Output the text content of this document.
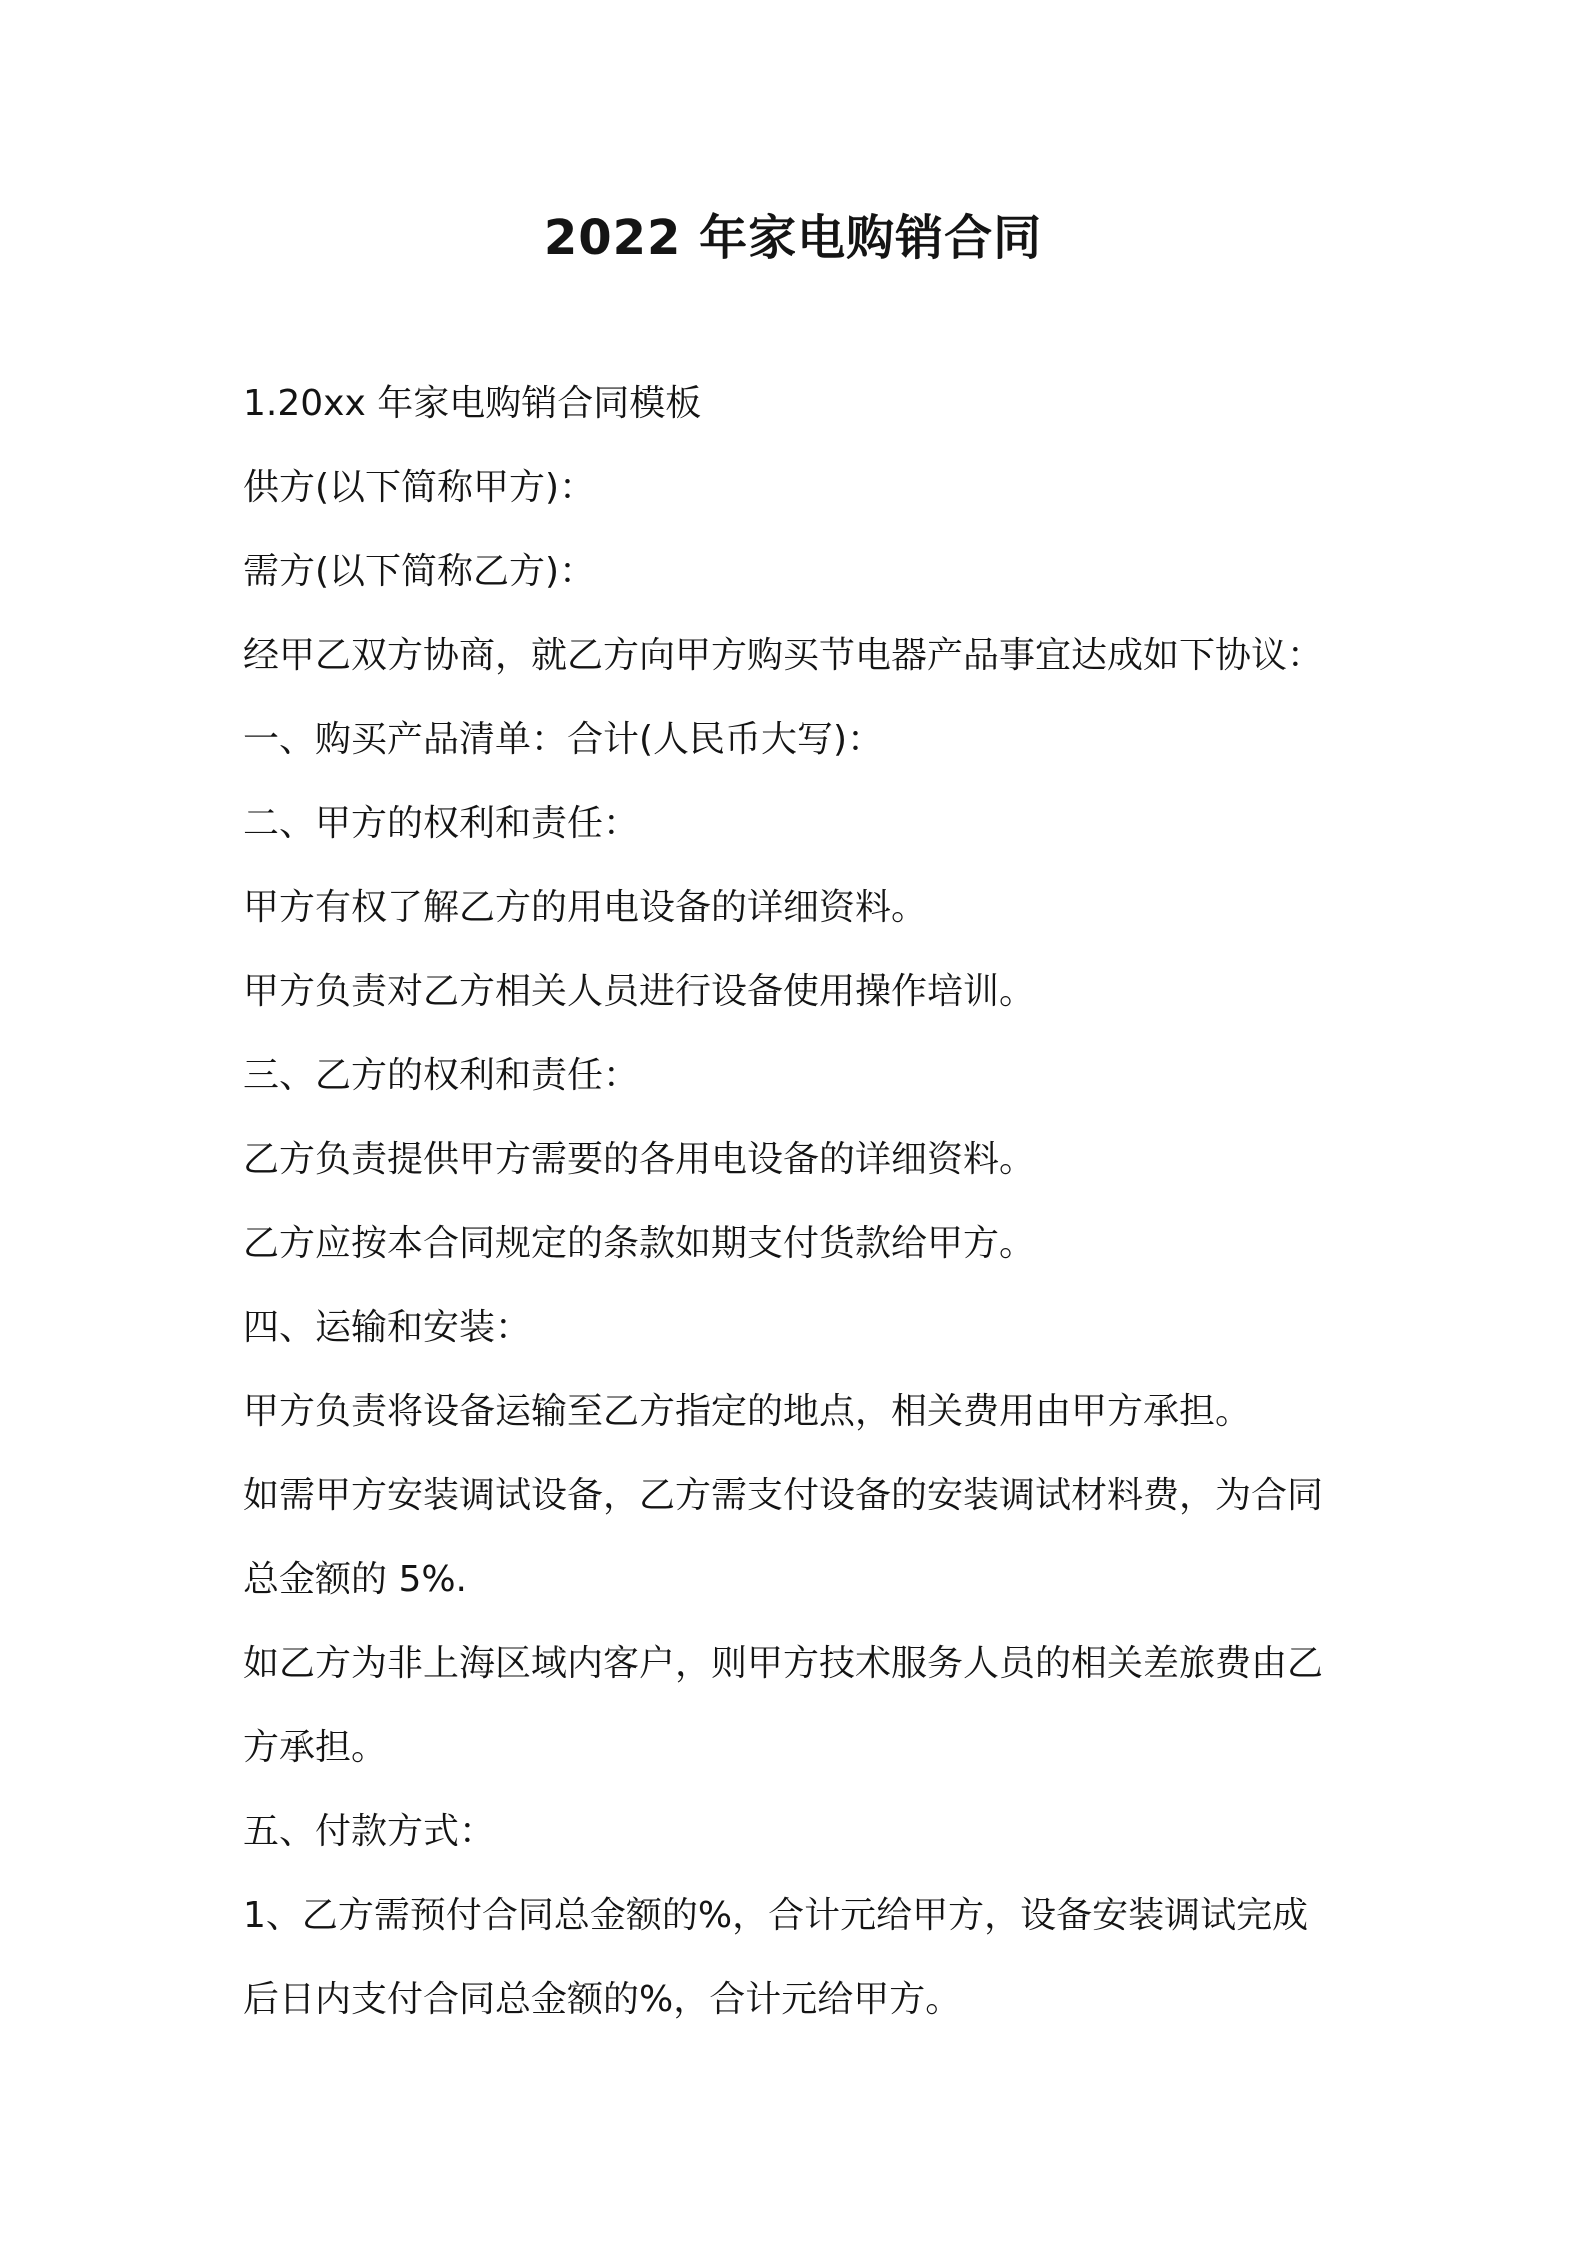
2022 年家电购销合同

1.20xx 年家电购销合同模板

供方(以下简称甲方)：

需方(以下简称乙方)：

经甲乙双方协商，就乙方向甲方购买节电器产品事宜达成如下协议：

一、购买产品清单：合计(人民币大写)：

二、甲方的权利和责任：

甲方有权了解乙方的用电设备的详细资料。

甲方负责对乙方相关人员进行设备使用操作培训。

三、乙方的权利和责任：

乙方负责提供甲方需要的各用电设备的详细资料。

乙方应按本合同规定的条款如期支付货款给甲方。

四、运输和安装：

甲方负责将设备运输至乙方指定的地点，相关费用由甲方承担。

如需甲方安装调试设备，乙方需支付设备的安装调试材料费，为合同

总金额的 5%.

如乙方为非上海区域内客户，则甲方技术服务人员的相关差旅费由乙

方承担。

五、付款方式：

1、乙方需预付合同总金额的%，合计元给甲方，设备安装调试完成

后日内支付合同总金额的%，合计元给甲方。
